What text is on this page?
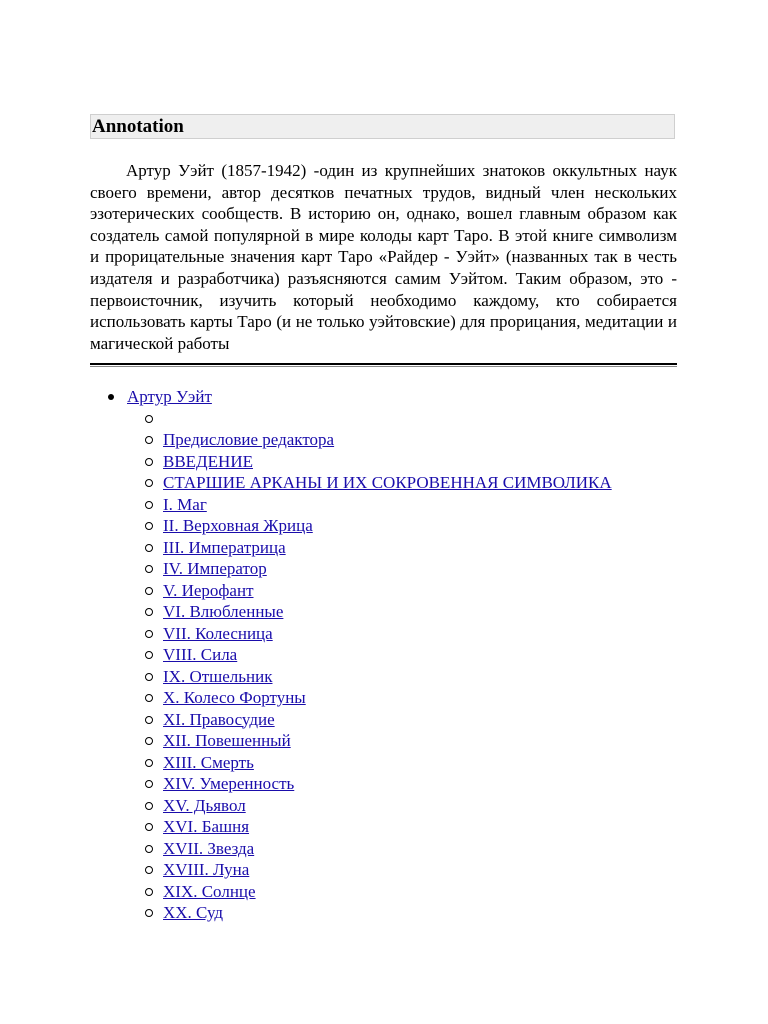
Annotation

Артур Уэйт (1857-1942) -один из крупнейших знатоков оккультных наук своего времени, автор десятков печатных трудов, видный член нескольких эзотерических сообществ. В историю он, однако, вошел главным образом как создатель самой популярной в мире колоды карт Таро. В этой книге символизм и прорицательные значения карт Таро «Райдер - Уэйт» (названных так в честь издателя и разработчика) разъясняются самим Уэйтом. Таким образом, это - первоисточник, изучить который необходимо каждому, кто собирается использовать карты Таро (и не только уэйтовские) для прорицания, медитации и магической работы

Артур Уэйт
Предисловие редактора
ВВЕДЕНИЕ
СТАРШИЕ АРКАНЫ И ИХ СОКРОВЕННАЯ СИМВОЛИКА
I. Маг
II. Верховная Жрица
III. Императрица
IV. Император
V. Иерофант
VI. Влюбленные
VII. Колесница
VIII. Сила
IX. Отшельник
X. Колесо Фортуны
XI. Правосудие
XII. Повешенный
XIII. Смерть
XIV. Умеренность
XV. Дьявол
XVI. Башня
XVII. Звезда
XVIII. Луна
XIX. Солнце
XX. Суд
